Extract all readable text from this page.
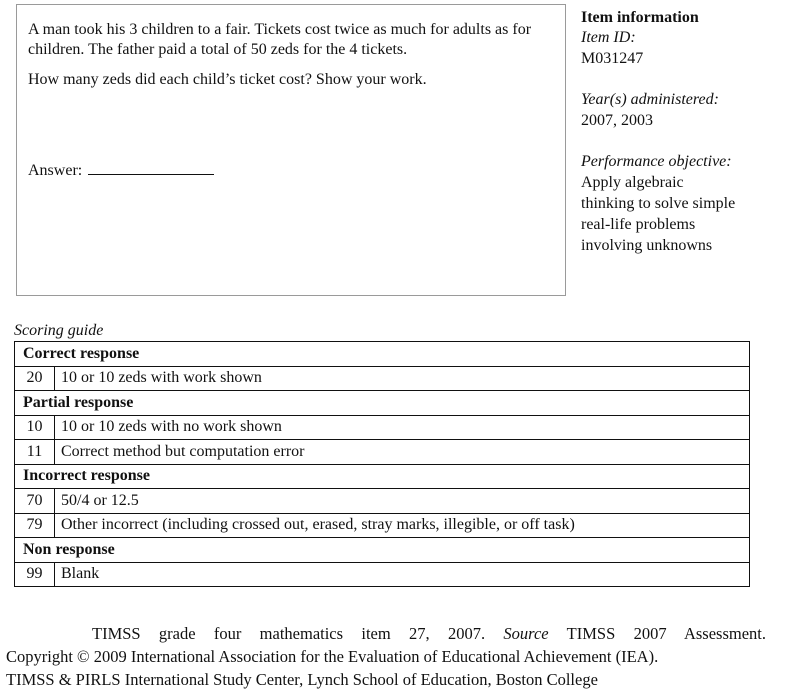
A man took his 3 children to a fair. Tickets cost twice as much for adults as for children. The father paid a total of 50 zeds for the 4 tickets.
How many zeds did each child’s ticket cost? Show your work.
Answer:
Item information
Item ID:
M031247
Year(s) administered:
2007, 2003
Performance objective:
Apply algebraic
thinking to solve simple
real-life problems
involving unknowns
Scoring guide
Correct response	
20	10 or 10 zeds with work shown
Partial response	
10	10 or 10 zeds with no work shown
11	Correct method but computation error
Incorrect response	
70	50/4 or 12.5
79	Other incorrect (including crossed out, erased, stray marks, illegible, or off task)
Non response	
99	Blank
TIMSS grade four mathematics item 27, 2007. Source TIMSS 2007 Assessment.
Copyright © 2009 International Association for the Evaluation of Educational Achievement (IEA).
TIMSS & PIRLS International Study Center, Lynch School of Education, Boston College
